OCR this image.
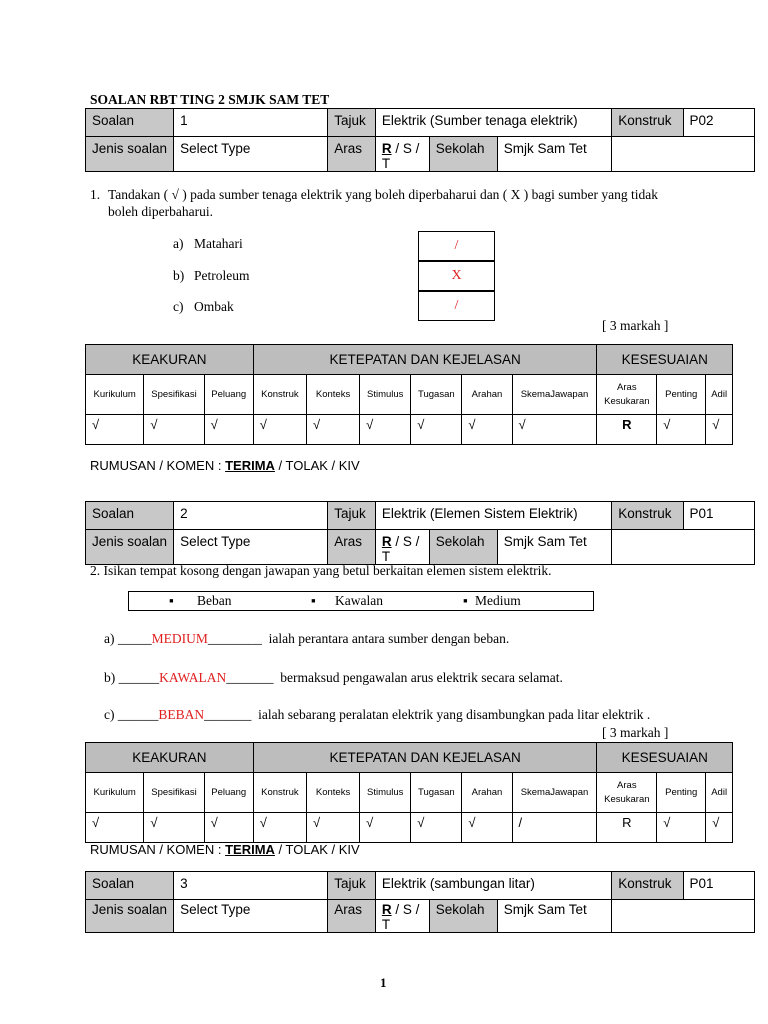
SOALAN RBT TING 2 SMJK SAM TET
Soalan	1	Tajuk	Elektrik (Sumber tenaga elektrik)		Konstruk	P02
Jenis soalan	Select Type	Aras	R / S / T	Sekolah Smjk Sam Tet		

1. Tandakan ( √ ) pada sumber tenaga elektrik yang boleh diperbaharui dan ( X ) bagi sumber yang tidak
boleh diperbaharui.
a) Matahari
b) Petroleum
c) Ombak
/
X
/
[ 3 markah ]
KEAKURAN			KETEPATAN DAN KEJELASAN						KESESUAIAN		
Kurikulum	Spesifikasi	Peluang	Konstruk	Konteks	Stimulus	Tugasan	Arahan	SkemaJawapan	Aras Kesukaran	Penting	Adil
√	√	√	√	√	√	√	√	√	R	√	√
RUMUSAN / KOMEN : TERIMA / TOLAK / KIV
Soalan	2	Tajuk	Elektrik (Elemen Sistem Elektrik)		Konstruk	P01
Jenis soalan	Select Type	Aras	R / S / T	Sekolah Smjk Sam Tet		

2. Isikan tempat kosong dengan jawapan yang betul berkaitan elemen sistem elektrik.
▪ Beban	▪ Kawalan	▪ Medium
a) _____MEDIUM________ ialah perantara antara sumber dengan beban.
b) ______KAWALAN_______ bermaksud pengawalan arus elektrik secara selamat.
c) ______BEBAN_______ ialah sebarang peralatan elektrik yang disambungkan pada litar elektrik .
[ 3 markah ]
KEAKURAN			KETEPATAN DAN KEJELASAN						KESESUAIAN		
Kurikulum	Spesifikasi	Peluang	Konstruk	Konteks	Stimulus	Tugasan	Arahan	SkemaJawapan	Aras Kesukaran	Penting	Adil
√	√	√	√	√	√	√	√	/	R	√	√
RUMUSAN / KOMEN : TERIMA / TOLAK / KIV
Soalan	3	Tajuk	Elektrik (sambungan litar)		Konstruk	P01
Jenis soalan	Select Type	Aras	R / S / T	Sekolah Smjk Sam Tet		

1
